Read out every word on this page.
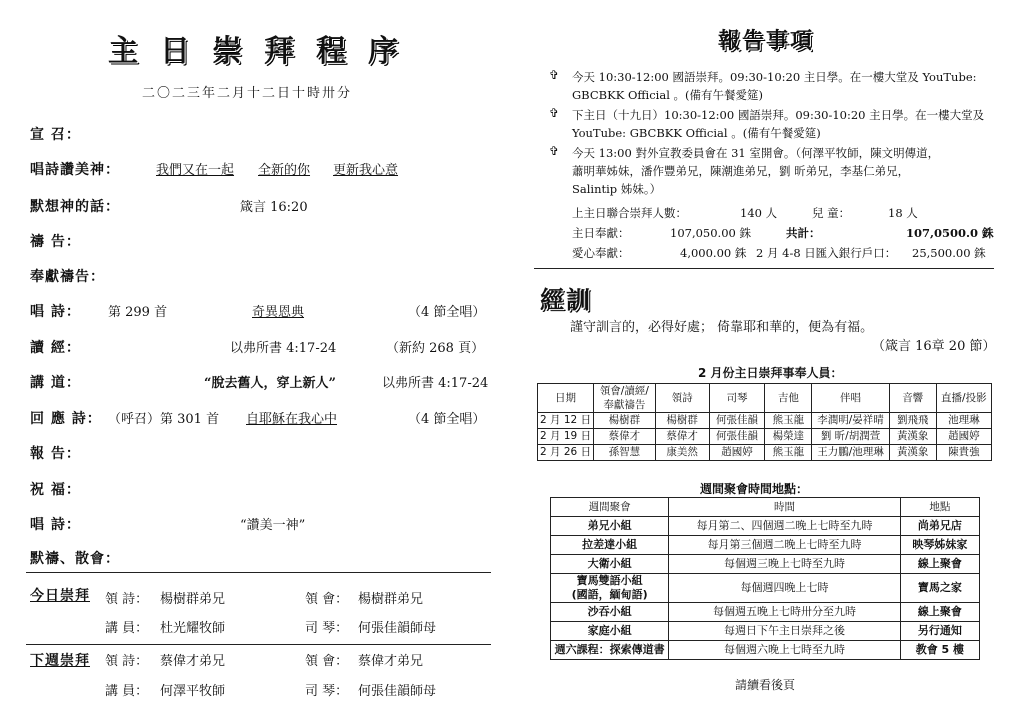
主日崇拜程序
二〇二三年二月十二日十時卅分
宣 召：
唱詩讚美神：	我們又在一起 全新的你 更新我心意
默想神的話：	箴言 16:20
禱 告：
奉獻禱告：
唱 詩： 第 299 首	奇異恩典	（4 節全唱）
讀 經：	以弗所書 4:17-24	（新約 268 頁）
講 道：	“脫去舊人，穿上新人”	以弗所書 4:17-24
回 應 詩： （呼召）第 301 首 自耶穌在我心中	（4 節全唱）
報 告：
祝 福：
唱 詩：	“讚美一神”
默禱、散會：
今日崇拜
下週崇拜
領 詩： 楊樹群弟兄	領 會： 楊樹群弟兄
講 員： 杜光耀牧師	司 琴： 何張佳韻師母
領 詩： 蔡偉才弟兄	領 會： 蔡偉才弟兄
講 員： 何澤平牧師	司 琴： 何張佳韻師母
報告事項
✞ 今天 10:30-12:00 國語崇拜。09:30-10:20 主日學。在一樓大堂及 YouTube:
GBCBKK Official 。(備有午餐愛筵)
✞ 下主日（十九日）10:30-12:00 國語崇拜。09:30-10:20 主日學。在一樓大堂及
YouTube: GBCBKK Official 。(備有午餐愛筵)
✞ 今天 13:00 對外宣教委員會在 31 室開會。（何澤平牧師，陳文明傳道，
蕭明華姊妹，潘作豐弟兄，陳潮進弟兄，劉 昕弟兄，李基仁弟兄，
Salintip 姊妹。）
上主日聯合崇拜人數：	140 人	兒 童：	18 人
主日奉獻：	107,050.00 銖	共計：	107,0500.0 銖
愛心奉獻：	4,000.00 銖 2 月 4-8 日匯入銀行戶口： 25,500.00 銖
經訓
謹守訓言的，必得好處； 倚靠耶和華的，便為有福。
（箴言 16章 20 節）
2 月份主日崇拜事奉人員：
日期	領會/讀經/奉獻禱告	領詩	司琴	吉他	伴唱	音響	直播/投影
2 月 12 日	楊樹群	楊樹群	何張佳韻	熊玉龍	李潤明/晏祥晴	劉飛飛	池理琳
2 月 19 日	蔡偉才	蔡偉才	何張佳韻	楊榮達	劉 昕/胡潤萱	黃漢象	趙國婷
2 月 26 日	孫智慧	康美然	趙國婷	熊玉龍	王力鵬/池理琳	黃漢象	陳貴強
週間聚會時間地點：
週間聚會	時間	地點
弟兄小組	每月第二、四個週二晚上七時至九時	尚弟兄店
拉差達小組	每月第三個週二晚上七時至九時	映琴姊妹家
大衛小組	每個週三晚上七時至九時	線上聚會
寶馬雙語小組
(國語，緬甸語)	每個週四晚上七時	寶馬之家
沙吞小組	每個週五晚上七時卅分至九時	線上聚會
家庭小組	每週日下午主日崇拜之後	另行通知
週六課程：探索傳道書	每個週六晚上七時至九時	教會 5 樓
請續看後頁
